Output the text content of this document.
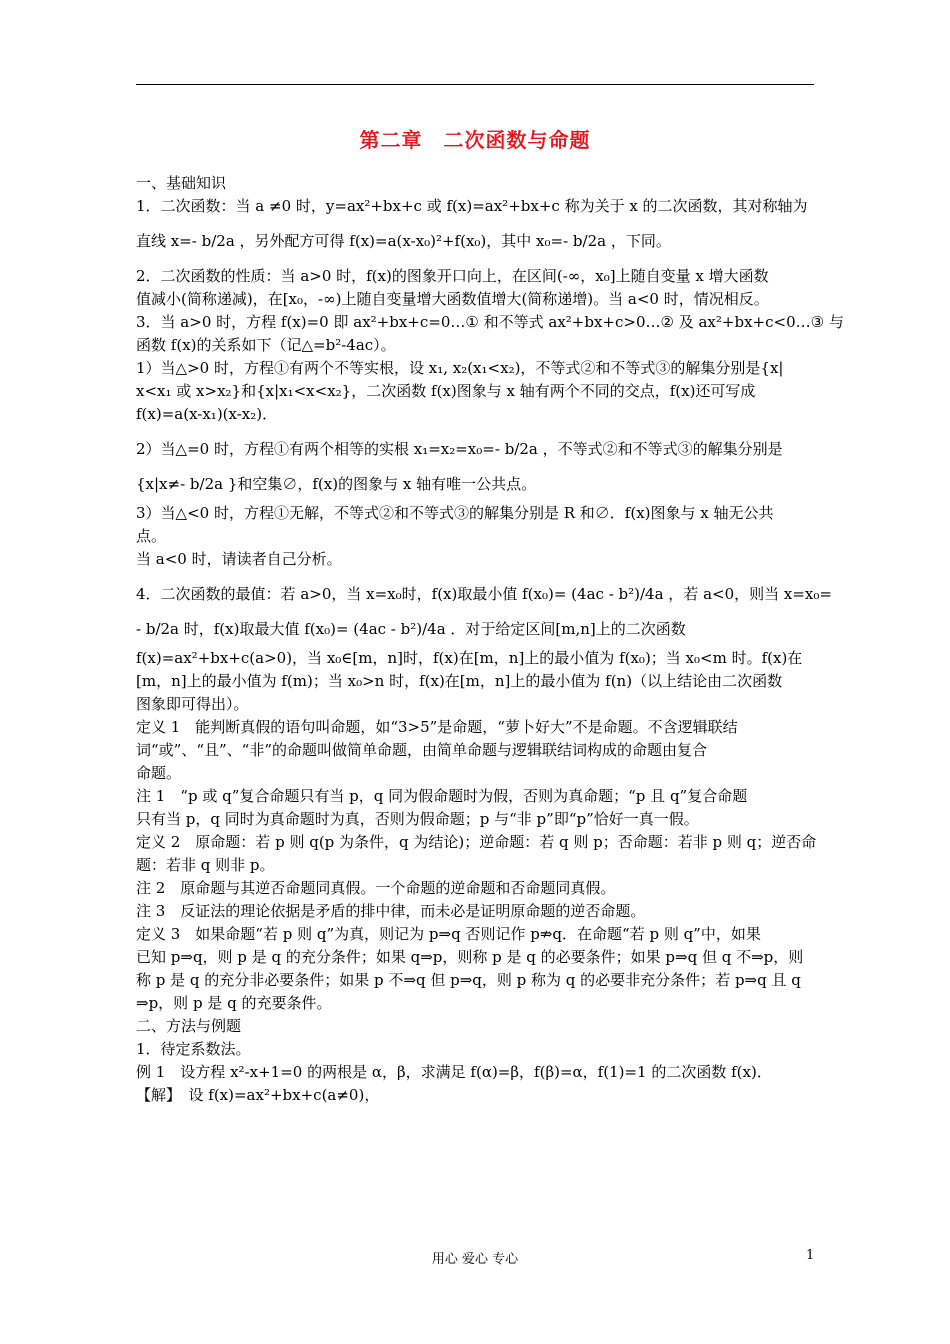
第二章　二次函数与命题

一、基础知识

1．二次函数：当 a ≠0 时，y=ax²+bx+c 或 f(x)=ax²+bx+c 称为关于 x 的二次函数，其对称轴为

直线 x=- b/2a ，另外配方可得 f(x)=a(x-x₀)²+f(x₀)，其中 x₀=- b/2a ，下同。

2．二次函数的性质：当 a>0 时，f(x)的图象开口向上，在区间(-∞，x₀]上随自变量 x 增大函数

值减小(简称递减)，在[x₀，-∞)上随自变量增大函数值增大(简称递增)。当 a<0 时，情况相反。

3．当 a>0 时，方程 f(x)=0 即 ax²+bx+c=0…① 和不等式 ax²+bx+c>0…② 及 ax²+bx+c<0…③ 与

函数 f(x)的关系如下（记△=b²-4ac）。

1）当△>0 时，方程①有两个不等实根，设 x₁, x₂(x₁<x₂)，不等式②和不等式③的解集分别是{x|

x<x₁ 或 x>x₂}和{x|x₁<x<x₂}，二次函数 f(x)图象与 x 轴有两个不同的交点，f(x)还可写成

f(x)=a(x-x₁)(x-x₂)．

2）当△=0 时，方程①有两个相等的实根 x₁=x₂=x₀=- b/2a ，不等式②和不等式③的解集分别是

{x|x≠- b/2a }和空集∅，f(x)的图象与 x 轴有唯一公共点。

3）当△<0 时，方程①无解，不等式②和不等式③的解集分别是 R 和∅．f(x)图象与 x 轴无公共

点。

当 a<0 时，请读者自己分析。

4．二次函数的最值：若 a>0，当 x=x₀时，f(x)取最小值 f(x₀)= (4ac - b²)/4a ，若 a<0，则当 x=x₀=

- b/2a 时，f(x)取最大值 f(x₀)= (4ac - b²)/4a ．对于给定区间[m,n]上的二次函数

f(x)=ax²+bx+c(a>0)，当 x₀∈[m，n]时，f(x)在[m，n]上的最小值为 f(x₀)；当 x₀<m 时。f(x)在

[m，n]上的最小值为 f(m)；当 x₀>n 时，f(x)在[m，n]上的最小值为 f(n)（以上结论由二次函数

图象即可得出）。

定义 1　能判断真假的语句叫命题，如“3>5”是命题，“萝卜好大”不是命题。不含逻辑联结

词“或”、“且”、“非”的命题叫做简单命题，由简单命题与逻辑联结词构成的命题由复合

命题。

注 1　“p 或 q”复合命题只有当 p，q 同为假命题时为假，否则为真命题；“p 且 q”复合命题

只有当 p，q 同时为真命题时为真，否则为假命题；p 与“非 p”即“p”恰好一真一假。

定义 2　原命题：若 p 则 q(p 为条件，q 为结论)；逆命题：若 q 则 p；否命题：若非 p 则 q；逆否命

题：若非 q 则非 p。

注 2　原命题与其逆否命题同真假。一个命题的逆命题和否命题同真假。

注 3　反证法的理论依据是矛盾的排中律，而未必是证明原命题的逆否命题。

定义 3　如果命题“若 p 则 q”为真，则记为 p⇒q 否则记作 p⇏q．在命题“若 p 则 q”中，如果

已知 p⇒q，则 p 是 q 的充分条件；如果 q⇒p，则称 p 是 q 的必要条件；如果 p⇒q 但 q 不⇒p，则

称 p 是 q 的充分非必要条件；如果 p 不⇒q 但 p⇒q，则 p 称为 q 的必要非充分条件；若 p⇒q 且 q

⇒p，则 p 是 q 的充要条件。

二、方法与例题

1．待定系数法。

例 1　设方程 x²-x+1=0 的两根是 α，β，求满足 f(α)=β，f(β)=α，f(1)=1 的二次函数 f(x)．

【解】　设 f(x)=ax²+bx+c(a≠0)，

用心 爱心 专心	1
